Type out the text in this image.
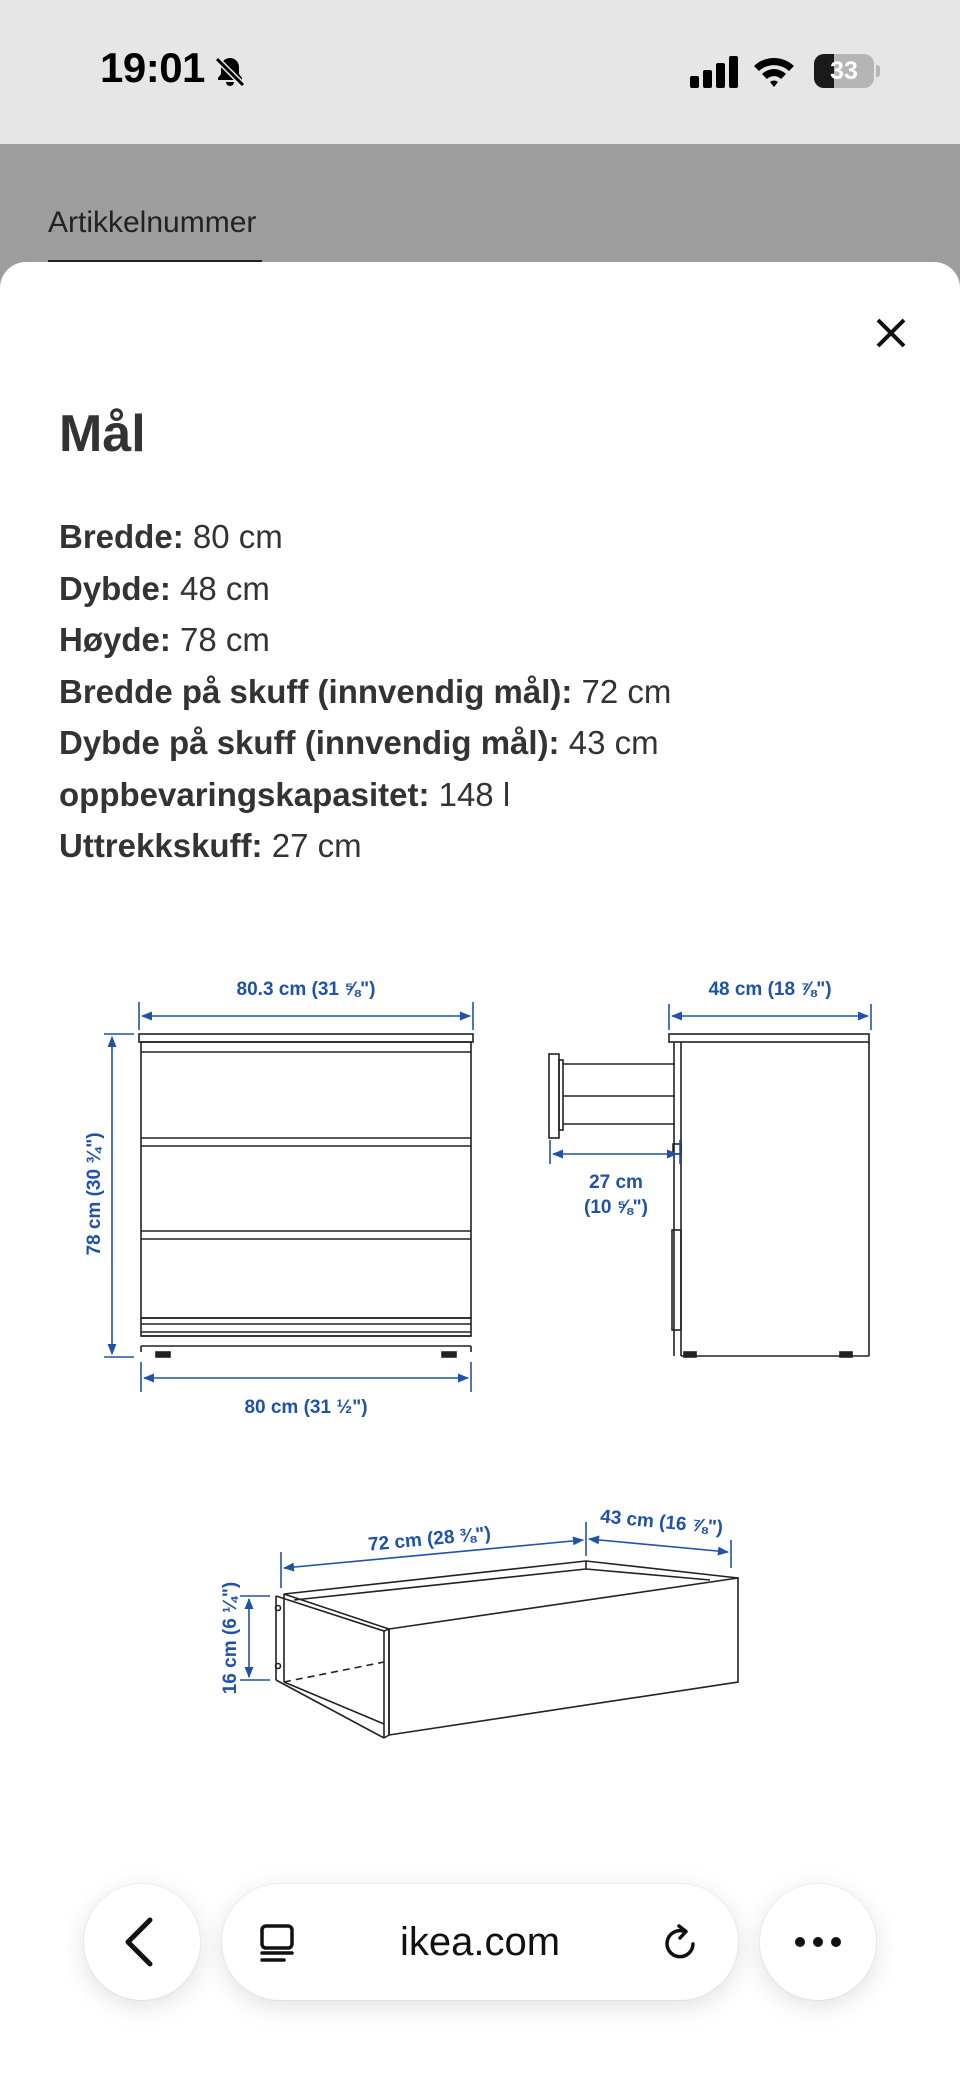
19:01	33
Artikkelnummer
Mål
Bredde: 80 cm
Dybde: 48 cm
Høyde: 78 cm
Bredde på skuff (innvendig mål): 72 cm
Dybde på skuff (innvendig mål): 43 cm
oppbevaringskapasitet: 148 l
Uttrekkskuff: 27 cm
80.3 cm (31 ⅝")
78 cm (30 ¾")
80 cm (31 ½")
48 cm (18 ⅞")
27 cm
(10 ⅝")
72 cm (28 ⅜")
43 cm (16 ⅞")
16 cm (6 ¼")
ikea.com
